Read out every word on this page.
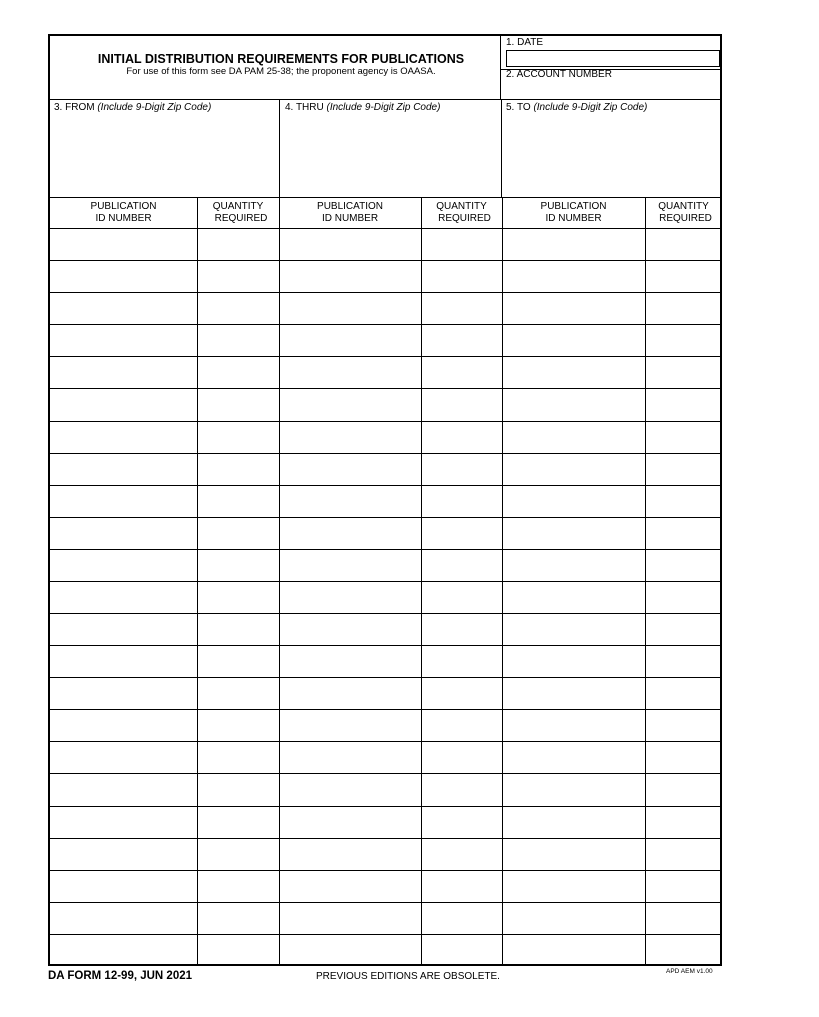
INITIAL DISTRIBUTION REQUIREMENTS FOR PUBLICATIONS
For use of this form see DA PAM 25-38; the proponent agency is OAASA.
1. DATE
2. ACCOUNT NUMBER
3. FROM (Include 9-Digit Zip Code)	4. THRU (Include 9-Digit Zip Code)	5. TO (Include 9-Digit Zip Code)
PUBLICATION
ID NUMBER
QUANTITY
REQUIRED
PUBLICATION
ID NUMBER
QUANTITY
REQUIRED
PUBLICATION
ID NUMBER
QUANTITY
REQUIRED
DA FORM 12-99, JUN 2021	PREVIOUS EDITIONS ARE OBSOLETE.	APD AEM v1.00
